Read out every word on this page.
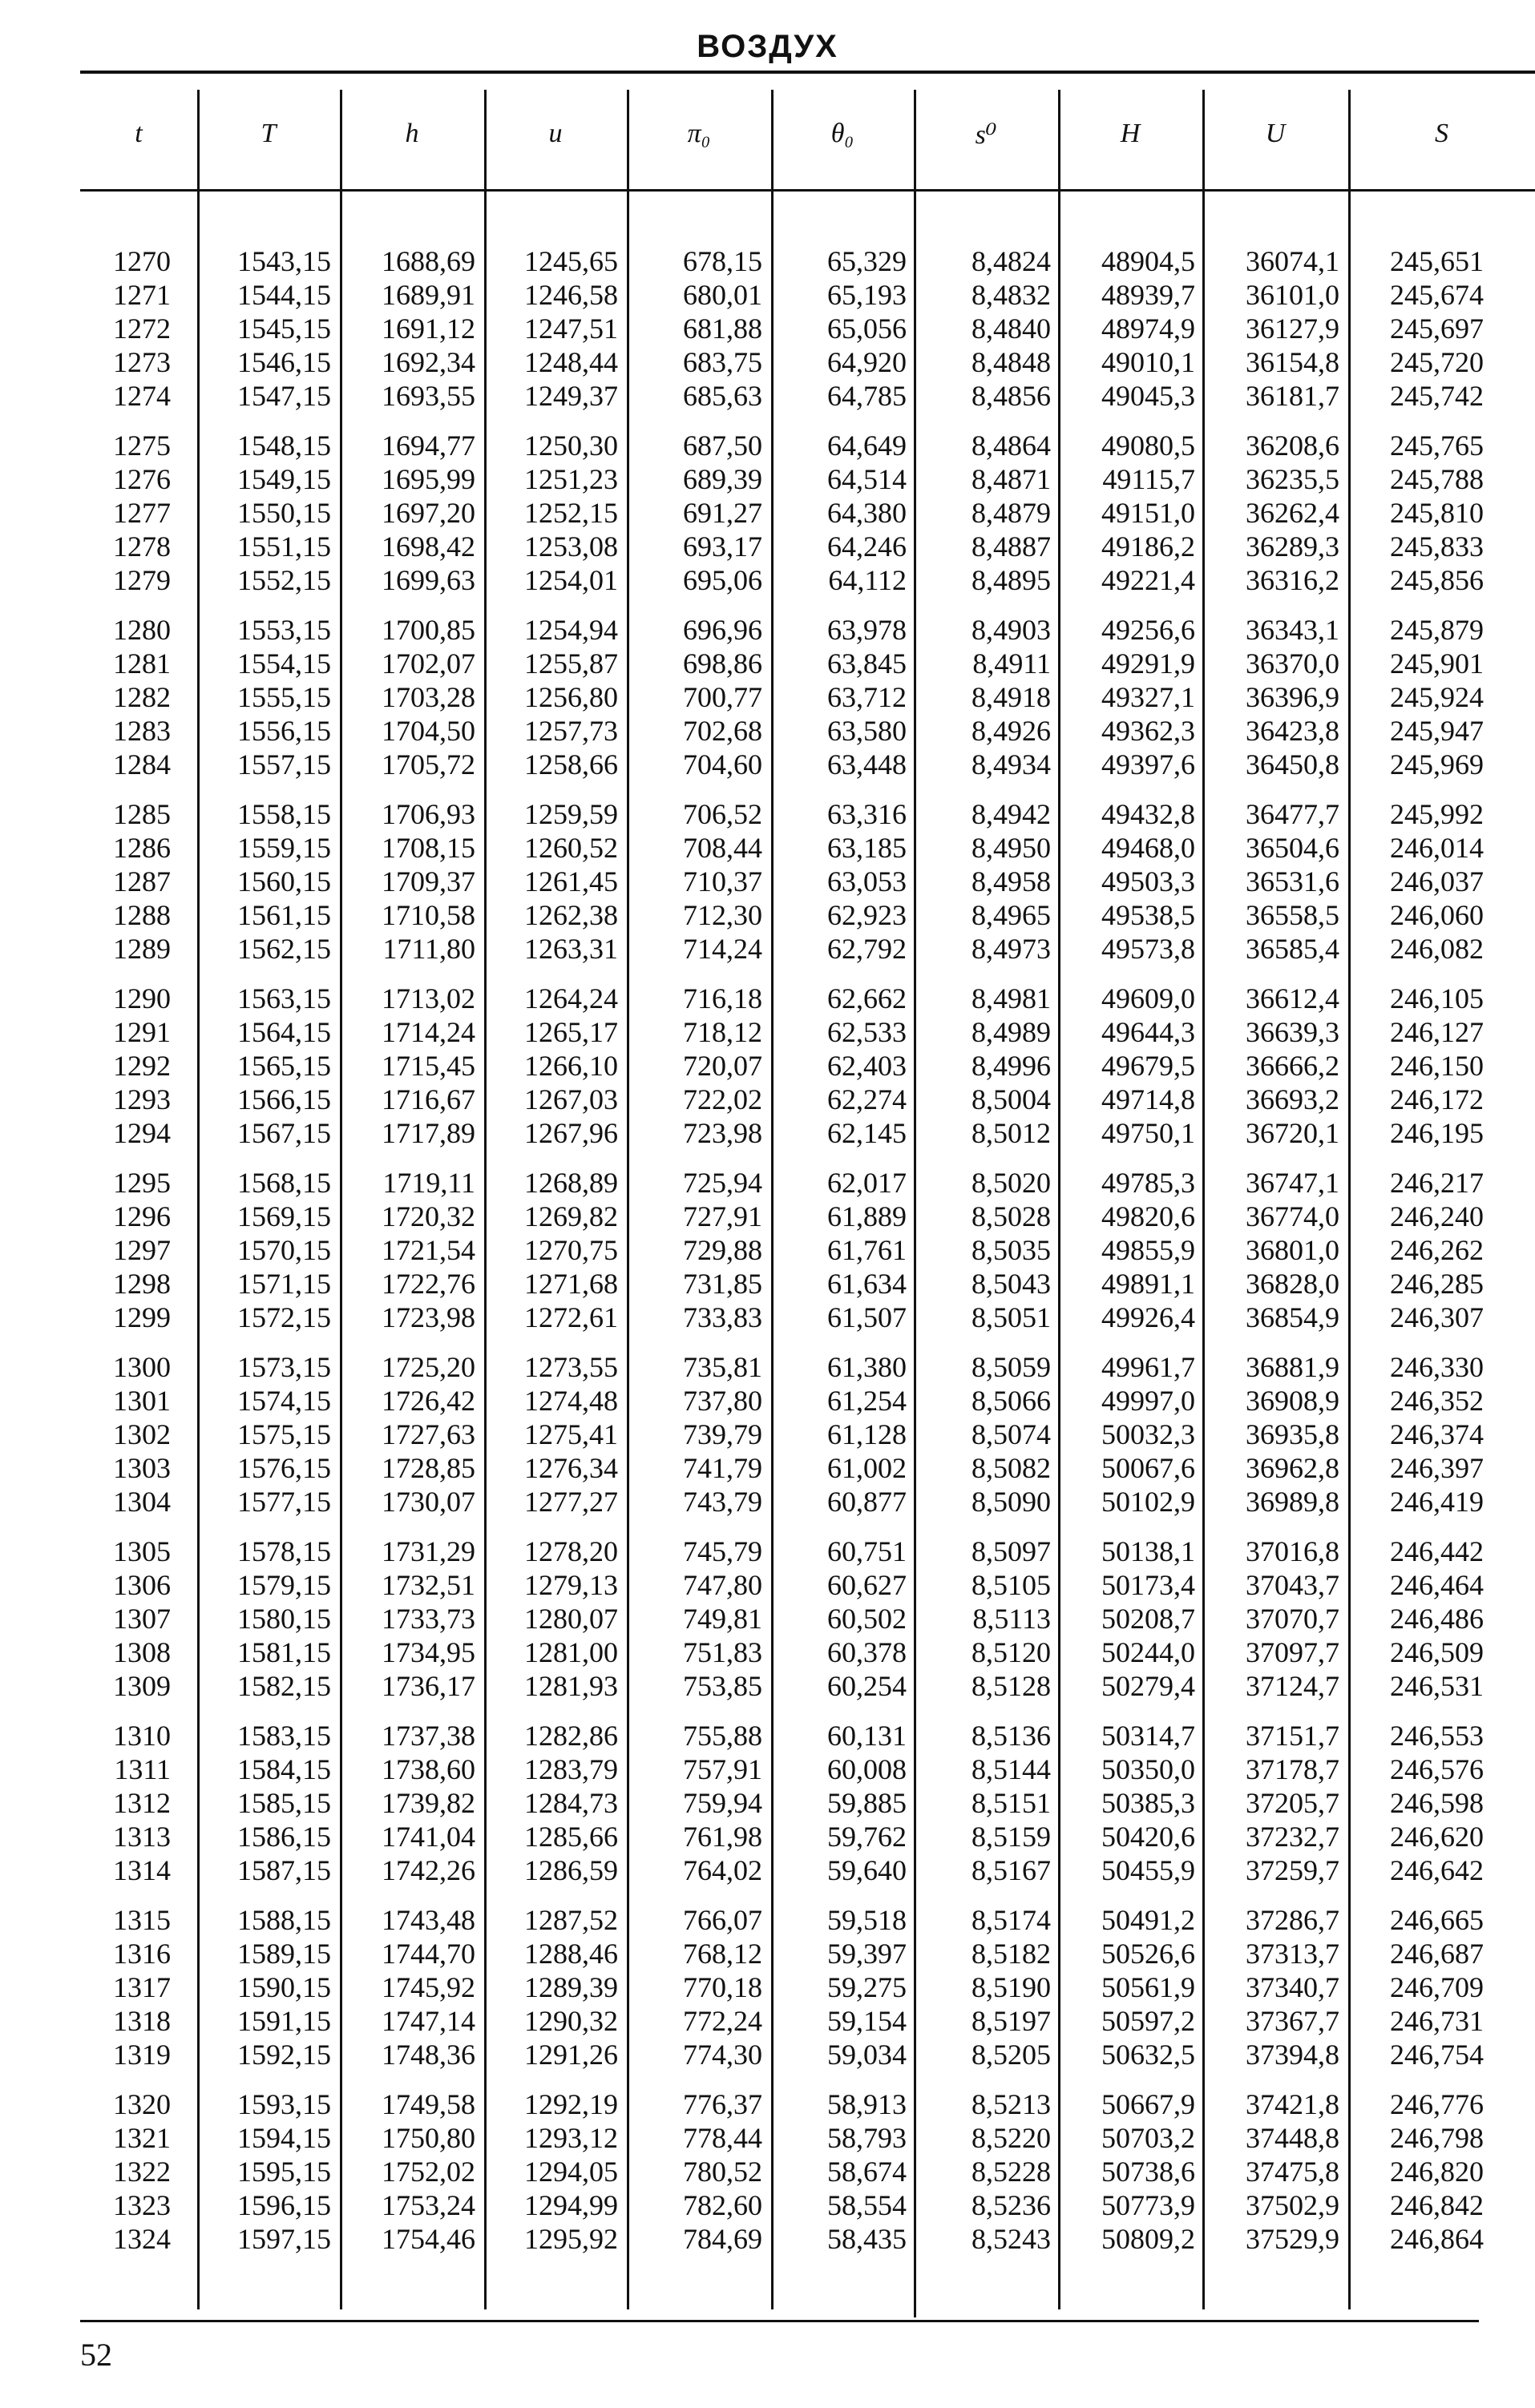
ВОЗДУХ
t	T	h	u	π₀	θ₀	s⁰	H	U	S
1270	1543,15	1688,69	1245,65	678,15	65,329	8,4824	48904,5	36074,1	245,651
1271	1544,15	1689,91	1246,58	680,01	65,193	8,4832	48939,7	36101,0	245,674
1272	1545,15	1691,12	1247,51	681,88	65,056	8,4840	48974,9	36127,9	245,697
1273	1546,15	1692,34	1248,44	683,75	64,920	8,4848	49010,1	36154,8	245,720
1274	1547,15	1693,55	1249,37	685,63	64,785	8,4856	49045,3	36181,7	245,742
1275	1548,15	1694,77	1250,30	687,50	64,649	8,4864	49080,5	36208,6	245,765
1276	1549,15	1695,99	1251,23	689,39	64,514	8,4871	49115,7	36235,5	245,788
1277	1550,15	1697,20	1252,15	691,27	64,380	8,4879	49151,0	36262,4	245,810
1278	1551,15	1698,42	1253,08	693,17	64,246	8,4887	49186,2	36289,3	245,833
1279	1552,15	1699,63	1254,01	695,06	64,112	8,4895	49221,4	36316,2	245,856
1280	1553,15	1700,85	1254,94	696,96	63,978	8,4903	49256,6	36343,1	245,879
1281	1554,15	1702,07	1255,87	698,86	63,845	8,4911	49291,9	36370,0	245,901
1282	1555,15	1703,28	1256,80	700,77	63,712	8,4918	49327,1	36396,9	245,924
1283	1556,15	1704,50	1257,73	702,68	63,580	8,4926	49362,3	36423,8	245,947
1284	1557,15	1705,72	1258,66	704,60	63,448	8,4934	49397,6	36450,8	245,969
1285	1558,15	1706,93	1259,59	706,52	63,316	8,4942	49432,8	36477,7	245,992
1286	1559,15	1708,15	1260,52	708,44	63,185	8,4950	49468,0	36504,6	246,014
1287	1560,15	1709,37	1261,45	710,37	63,053	8,4958	49503,3	36531,6	246,037
1288	1561,15	1710,58	1262,38	712,30	62,923	8,4965	49538,5	36558,5	246,060
1289	1562,15	1711,80	1263,31	714,24	62,792	8,4973	49573,8	36585,4	246,082
1290	1563,15	1713,02	1264,24	716,18	62,662	8,4981	49609,0	36612,4	246,105
1291	1564,15	1714,24	1265,17	718,12	62,533	8,4989	49644,3	36639,3	246,127
1292	1565,15	1715,45	1266,10	720,07	62,403	8,4996	49679,5	36666,2	246,150
1293	1566,15	1716,67	1267,03	722,02	62,274	8,5004	49714,8	36693,2	246,172
1294	1567,15	1717,89	1267,96	723,98	62,145	8,5012	49750,1	36720,1	246,195
1295	1568,15	1719,11	1268,89	725,94	62,017	8,5020	49785,3	36747,1	246,217
1296	1569,15	1720,32	1269,82	727,91	61,889	8,5028	49820,6	36774,0	246,240
1297	1570,15	1721,54	1270,75	729,88	61,761	8,5035	49855,9	36801,0	246,262
1298	1571,15	1722,76	1271,68	731,85	61,634	8,5043	49891,1	36828,0	246,285
1299	1572,15	1723,98	1272,61	733,83	61,507	8,5051	49926,4	36854,9	246,307
1300	1573,15	1725,20	1273,55	735,81	61,380	8,5059	49961,7	36881,9	246,330
1301	1574,15	1726,42	1274,48	737,80	61,254	8,5066	49997,0	36908,9	246,352
1302	1575,15	1727,63	1275,41	739,79	61,128	8,5074	50032,3	36935,8	246,374
1303	1576,15	1728,85	1276,34	741,79	61,002	8,5082	50067,6	36962,8	246,397
1304	1577,15	1730,07	1277,27	743,79	60,877	8,5090	50102,9	36989,8	246,419
1305	1578,15	1731,29	1278,20	745,79	60,751	8,5097	50138,1	37016,8	246,442
1306	1579,15	1732,51	1279,13	747,80	60,627	8,5105	50173,4	37043,7	246,464
1307	1580,15	1733,73	1280,07	749,81	60,502	8,5113	50208,7	37070,7	246,486
1308	1581,15	1734,95	1281,00	751,83	60,378	8,5120	50244,0	37097,7	246,509
1309	1582,15	1736,17	1281,93	753,85	60,254	8,5128	50279,4	37124,7	246,531
1310	1583,15	1737,38	1282,86	755,88	60,131	8,5136	50314,7	37151,7	246,553
1311	1584,15	1738,60	1283,79	757,91	60,008	8,5144	50350,0	37178,7	246,576
1312	1585,15	1739,82	1284,73	759,94	59,885	8,5151	50385,3	37205,7	246,598
1313	1586,15	1741,04	1285,66	761,98	59,762	8,5159	50420,6	37232,7	246,620
1314	1587,15	1742,26	1286,59	764,02	59,640	8,5167	50455,9	37259,7	246,642
1315	1588,15	1743,48	1287,52	766,07	59,518	8,5174	50491,2	37286,7	246,665
1316	1589,15	1744,70	1288,46	768,12	59,397	8,5182	50526,6	37313,7	246,687
1317	1590,15	1745,92	1289,39	770,18	59,275	8,5190	50561,9	37340,7	246,709
1318	1591,15	1747,14	1290,32	772,24	59,154	8,5197	50597,2	37367,7	246,731
1319	1592,15	1748,36	1291,26	774,30	59,034	8,5205	50632,5	37394,8	246,754
1320	1593,15	1749,58	1292,19	776,37	58,913	8,5213	50667,9	37421,8	246,776
1321	1594,15	1750,80	1293,12	778,44	58,793	8,5220	50703,2	37448,8	246,798
1322	1595,15	1752,02	1294,05	780,52	58,674	8,5228	50738,6	37475,8	246,820
1323	1596,15	1753,24	1294,99	782,60	58,554	8,5236	50773,9	37502,9	246,842
1324	1597,15	1754,46	1295,92	784,69	58,435	8,5243	50809,2	37529,9	246,864
52
